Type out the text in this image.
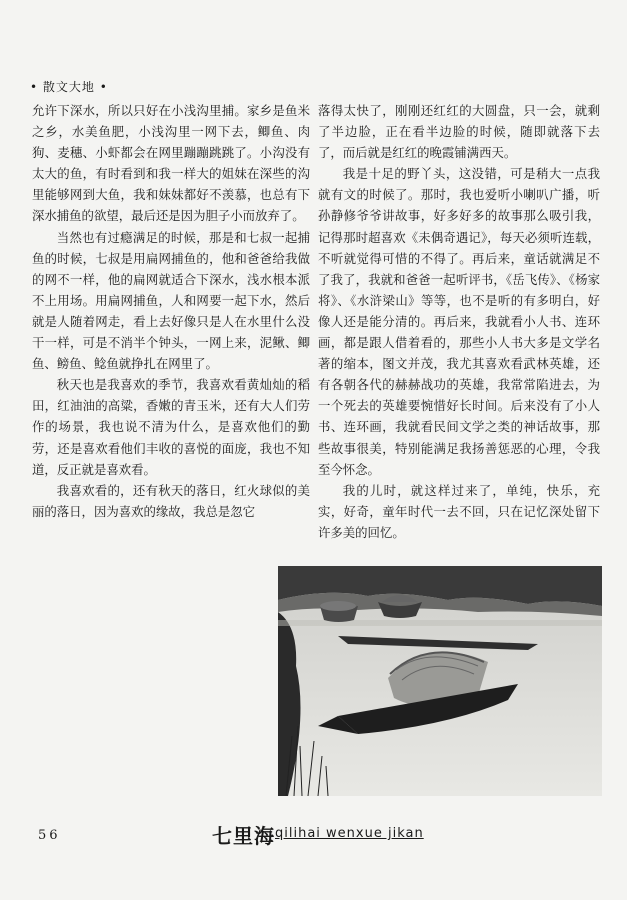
• 散文大地 •

允许下深水，所以只好在小浅沟里捕。家乡是鱼米之乡，水美鱼肥，小浅沟里一网下去，鲫鱼、肉狗、麦穗、小虾都会在网里蹦蹦跳跳了。小沟没有太大的鱼，有时看到和我一样大的姐妹在深些的沟里能够网到大鱼，我和妹妹都好不羡慕，也总有下深水捕鱼的欲望，最后还是因为胆子小而放弃了。

当然也有过瘾满足的时候，那是和七叔一起捕鱼的时候，七叔是用扁网捕鱼的，他和爸爸给我做的网不一样，他的扁网就适合下深水，浅水根本派不上用场。用扁网捕鱼，人和网要一起下水，然后就是人随着网走，看上去好像只是人在水里什么没干一样，可是不消半个钟头，一网上来，泥鳅、鲫鱼、鳑鱼、鲶鱼就挣扎在网里了。

秋天也是我喜欢的季节，我喜欢看黄灿灿的稻田，红油油的高粱，香嫩的青玉米，还有大人们劳作的场景，我也说不清为什么，是喜欢他们的勤劳，还是喜欢看他们丰收的喜悦的面庞，我也不知道，反正就是喜欢看。

我喜欢看的，还有秋天的落日，红火球似的美丽的落日，因为喜欢的缘故，我总是忽它

落得太快了，刚刚还红红的大圆盘，只一会，就剩了半边脸，正在看半边脸的时候，随即就落下去了，而后就是红红的晚霞铺满西天。

我是十足的野丫头，这没错，可是稍大一点我就有文的时候了。那时，我也爱听小喇叭广播，听孙静修爷爷讲故事，好多好多的故事那么吸引我，记得那时超喜欢《未偶奇遇记》，每天必须听连载，不听就觉得可惜的不得了。再后来，童话就满足不了我了，我就和爸爸一起听评书，《岳飞传》、《杨家将》、《水浒梁山》等等，也不是听的有多明白，好像人还是能分清的。再后来，我就看小人书、连环画，都是跟人借着看的，那些小人书大多是文学名著的缩本，图文并茂，我尤其喜欢看武林英雄，还有各朝各代的赫赫战功的英雄，我常常陷进去，为一个死去的英雄要惋惜好长时间。后来没有了小人书、连环画，我就看民间文学之类的神话故事，那些故事很美，特别能满足我扬善惩恶的心理，令我至今怀念。

我的儿时，就这样过来了，单纯，快乐，充实，好奇，童年时代一去不回，只在记忆深处留下许多美的回忆。

56	七里海 qilihai wenxue jikan
